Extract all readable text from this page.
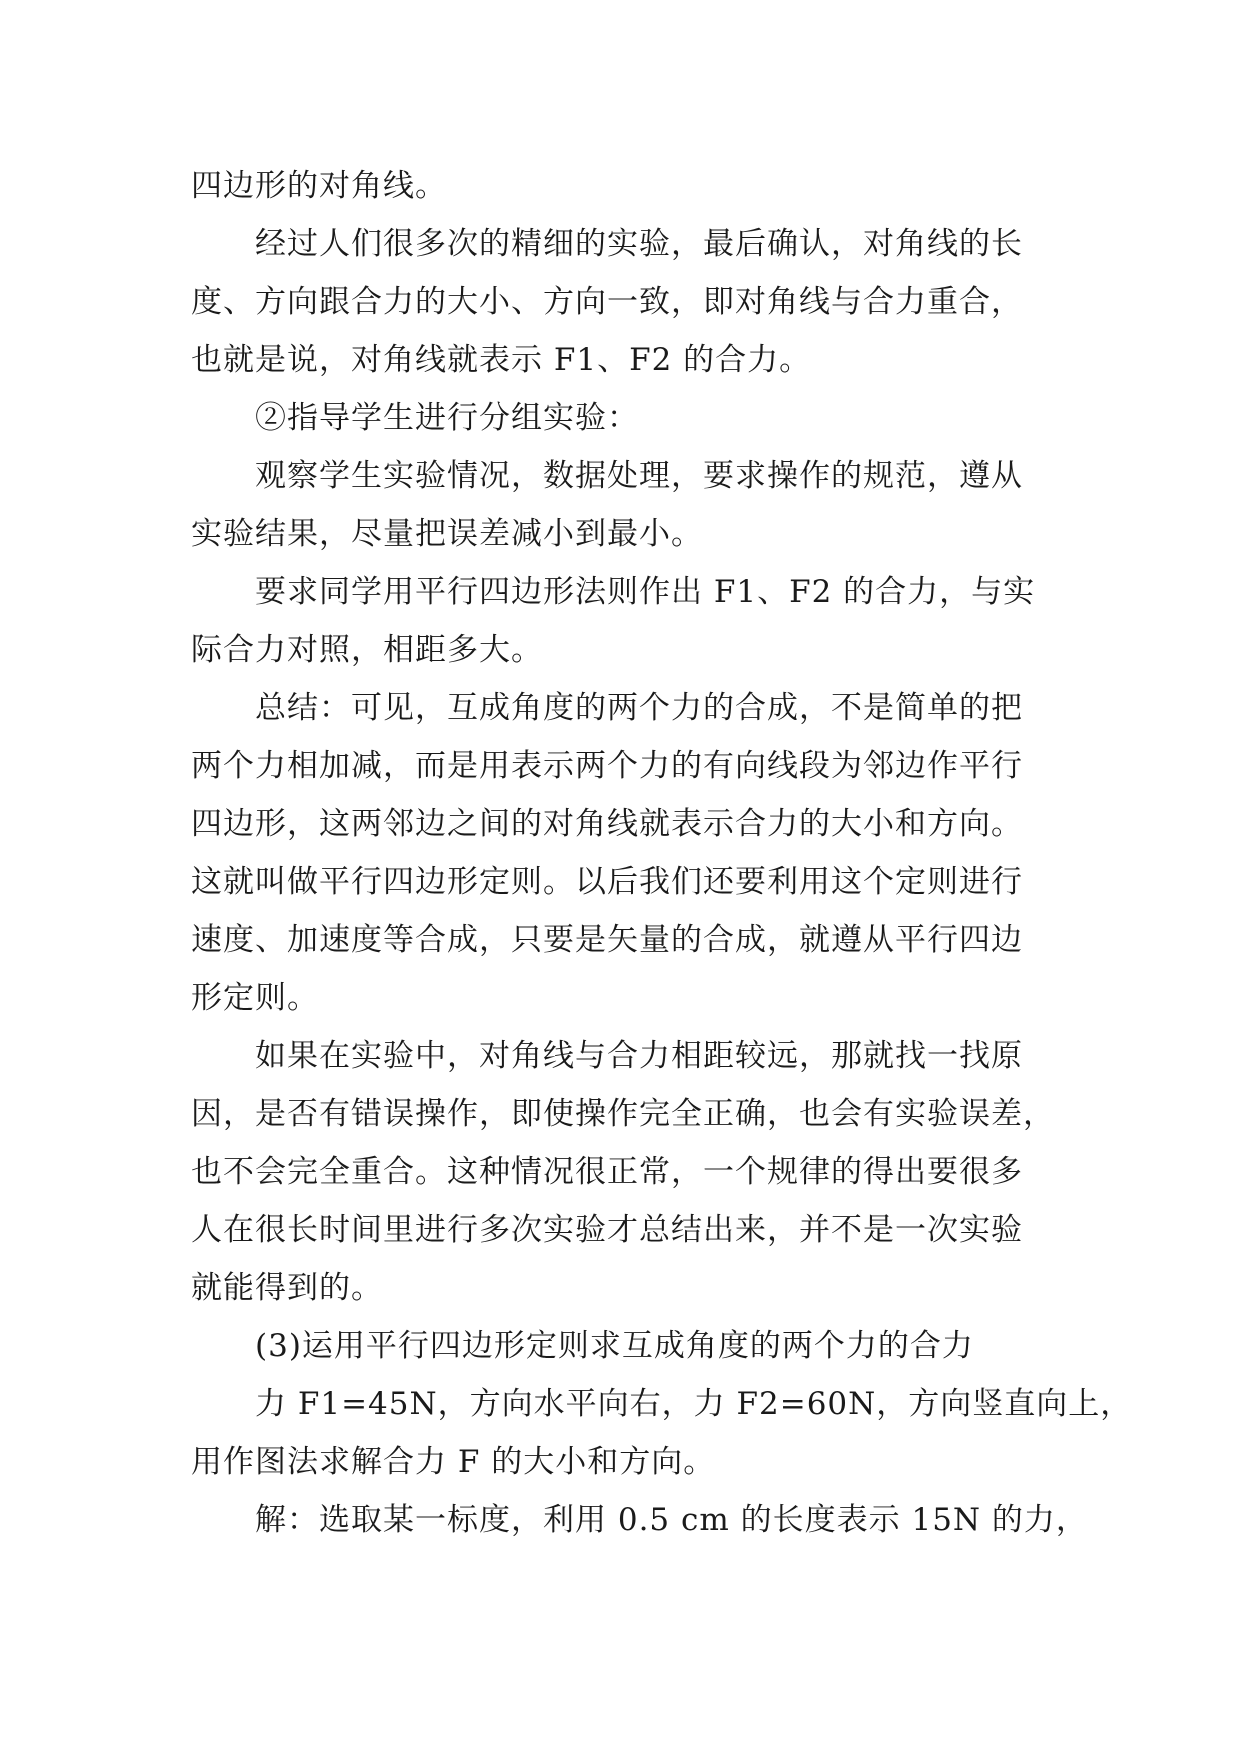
四边形的对角线。
经过人们很多次的精细的实验，最后确认，对角线的长
度、方向跟合力的大小、方向一致，即对角线与合力重合，
也就是说，对角线就表示 F1、F2 的合力。
②指导学生进行分组实验：
观察学生实验情况，数据处理，要求操作的规范，遵从
实验结果，尽量把误差减小到最小。
要求同学用平行四边形法则作出 F1、F2 的合力，与实
际合力对照，相距多大。
总结：可见，互成角度的两个力的合成，不是简单的把
两个力相加减，而是用表示两个力的有向线段为邻边作平行
四边形，这两邻边之间的对角线就表示合力的大小和方向。
这就叫做平行四边形定则。以后我们还要利用这个定则进行
速度、加速度等合成，只要是矢量的合成，就遵从平行四边
形定则。
如果在实验中，对角线与合力相距较远，那就找一找原
因，是否有错误操作，即使操作完全正确，也会有实验误差，
也不会完全重合。这种情况很正常，一个规律的得出要很多
人在很长时间里进行多次实验才总结出来，并不是一次实验
就能得到的。
(3)运用平行四边形定则求互成角度的两个力的合力
力 F1=45N，方向水平向右，力 F2=60N，方向竖直向上，
用作图法求解合力 F 的大小和方向。
解：选取某一标度，利用 0.5 cm 的长度表示 15N 的力，
